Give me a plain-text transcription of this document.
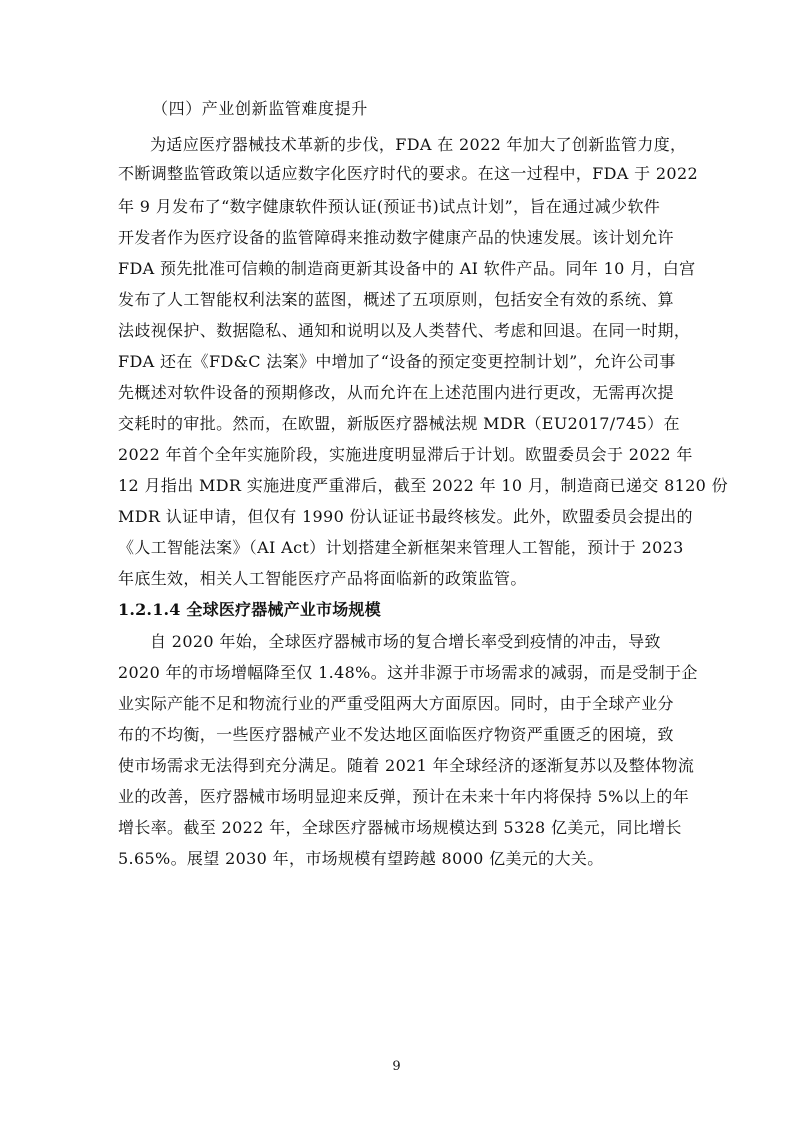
（四）产业创新监管难度提升
为适应医疗器械技术革新的步伐，FDA 在 2022 年加大了创新监管力度，
不断调整监管政策以适应数字化医疗时代的要求。在这一过程中，FDA 于 2022
年 9 月发布了“数字健康软件预认证(预证书)试点计划”，旨在通过减少软件
开发者作为医疗设备的监管障碍来推动数字健康产品的快速发展。该计划允许
FDA 预先批准可信赖的制造商更新其设备中的 AI 软件产品。同年 10 月，白宫
发布了人工智能权利法案的蓝图，概述了五项原则，包括安全有效的系统、算
法歧视保护、数据隐私、通知和说明以及人类替代、考虑和回退。在同一时期，
FDA 还在《FD&C 法案》中增加了“设备的预定变更控制计划”，允许公司事
先概述对软件设备的预期修改，从而允许在上述范围内进行更改，无需再次提
交耗时的审批。然而，在欧盟，新版医疗器械法规 MDR（EU2017/745）在
2022 年首个全年实施阶段，实施进度明显滞后于计划。欧盟委员会于 2022 年
12 月指出 MDR 实施进度严重滞后，截至 2022 年 10 月，制造商已递交 8120 份
MDR 认证申请，但仅有 1990 份认证证书最终核发。此外，欧盟委员会提出的
《人工智能法案》（AI Act）计划搭建全新框架来管理人工智能，预计于 2023
年底生效，相关人工智能医疗产品将面临新的政策监管。
1.2.1.4 全球医疗器械产业市场规模
自 2020 年始，全球医疗器械市场的复合增长率受到疫情的冲击，导致
2020 年的市场增幅降至仅 1.48%。这并非源于市场需求的减弱，而是受制于企
业实际产能不足和物流行业的严重受阻两大方面原因。同时，由于全球产业分
布的不均衡，一些医疗器械产业不发达地区面临医疗物资严重匮乏的困境，致
使市场需求无法得到充分满足。随着 2021 年全球经济的逐渐复苏以及整体物流
业的改善，医疗器械市场明显迎来反弹，预计在未来十年内将保持 5%以上的年
增长率。截至 2022 年，全球医疗器械市场规模达到 5328 亿美元，同比增长
5.65%。展望 2030 年，市场规模有望跨越 8000 亿美元的大关。
9
